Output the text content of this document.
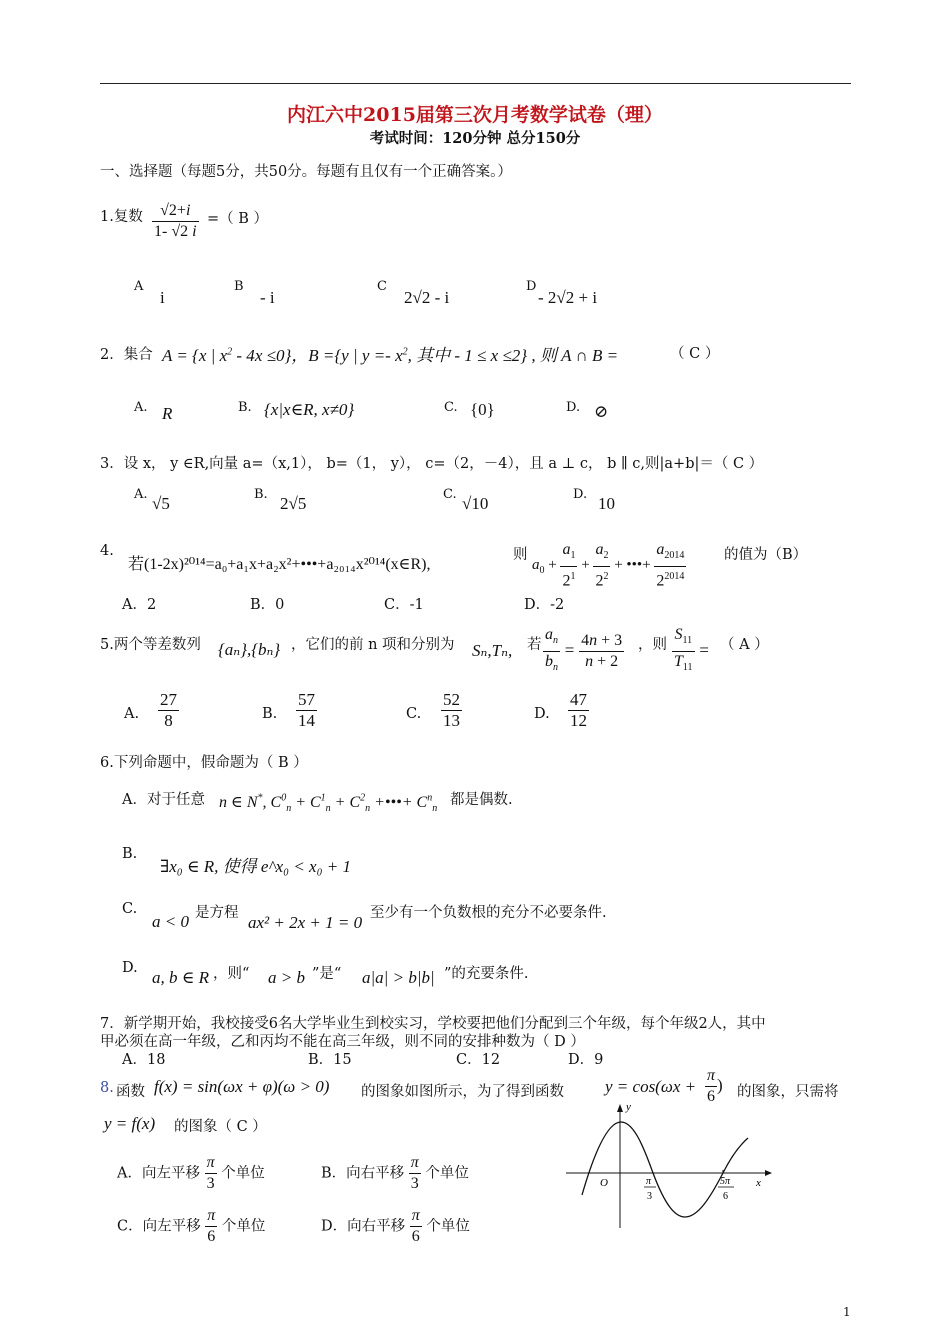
内江六中2015届第三次月考数学试卷（理）
考试时间：120分钟 总分150分
一、选择题（每题5分，共50分。每题有且仅有一个正确答案。）
1.复数 $\frac{√2+i}{1- √2 i}$ =（ B ）
A
i
B
- i
C
2√2 - i
D
- 2√2 + i
2．集合 A = {x | $x^2 - 4x \le 0$}，B ={y | $y =- x^2$, 其中 - 1 ≤ x ≤2} , 则 A ∩ B =	（ C ）
A. R	B. {x|x∈R, x≠0}	C. {0}	D. ⊘
3．设 x， y ∈R,向量 a=（x,1）， b=（1， y）， c=（2，－4），且 a ⊥ c， b ∥ c,则|a+b|＝（ C ）
A. √5	B. 2√5	C. √10	D. 10
4.
若(1-2x)²⁰¹⁴=a₀+a₁x+a₂x²+•••+a₂₀₁₄x²⁰¹⁴(x∈R),
则
$a_0 + \frac{a_1}{2^1} + \frac{a_2}{2^2}$ + •••+ $\frac{a_{2014}}{2^{2014}}$	的值为（B）
A．2	B．0	C．-1	D．-2
5.两个等差数列 {aₙ},{bₙ} ，它们的前 n 项和分别为 Sₙ,Tₙ, 若 $\frac{a_n}{b_n} = \frac{4n + 3}{n + 2}$ ，则 $\frac{S_{11}}{T_{11}}$ = （ A ）
A. $\frac{27}{8}$	B. $\frac{57}{14}$	C. $\frac{52}{13}$	D. $\frac{47}{12}$
6.下列命题中，假命题为（ B ）
A．对于任意 n ∈ N*, $C^0_n + C^1_n + C^2_n$ +•••+ $C^n_n$
都是偶数.
B.
∃x₀ ∈ R, 使得 e^x₀ < x₀ + 1
C.
a < 0 是方程 ax² + 2x + 1 = 0 至少有一个负数根的充分不必要条件.
D. a, b ∈ R ，则“ a > b ”是“ a|a| > b|b| ”的充要条件.
7．新学期开始，我校接受6名大学毕业生到校实习，学校要把他们分配到三个年级，每个年级2人，其中
甲必须在高一年级，乙和丙均不能在高三年级，则不同的安排种数为（ D ）
A．18	B．15	C．12	D．9
8. 函数 f(x) = sin(ωx + φ)(ω > 0) 的图象如图所示，为了得到函数 $y = \cos(\omega x + \frac{\pi}{6}$ ) 的图象，只需将
y = f(x) 的图象（ C ）
A．向左平移 $\frac{\pi}{3}$ 个单位	B．向右平移 $\frac{\pi}{3}$ 个单位
C．向左平移 $\frac{\pi}{6}$ 个单位	D．向右平移 $\frac{\pi}{6}$ 个单位
y
x
O	π
3
5π
6
1
